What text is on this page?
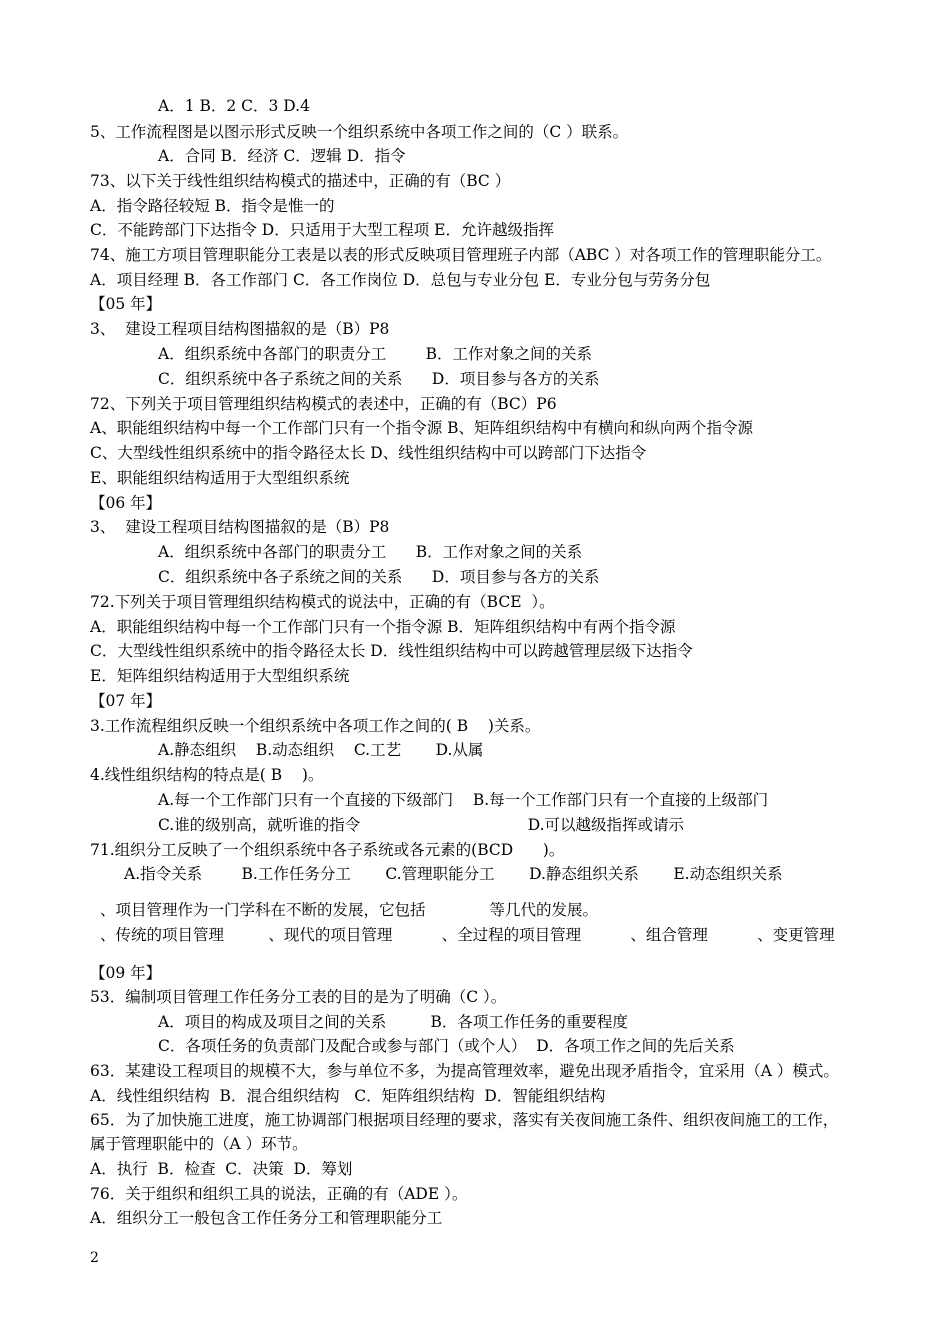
A．1 B．2 C．3 D.4
5、工作流程图是以图示形式反映一个组织系统中各项工作之间的（C ）联系。
A．合同 B．经济 C．逻辑 D．指令
73、以下关于线性组织结构模式的描述中，正确的有（BC ）
A．指令路径较短 B．指令是惟一的
C．不能跨部门下达指令 D．只适用于大型工程项 E．允许越级指挥
74、施工方项目管理职能分工表是以表的形式反映项目管理班子内部（ABC ）对各项工作的管理职能分工。
A．项目经理 B．各工作部门 C．各工作岗位 D．总包与专业分包 E．专业分包与劳务分包
【05 年】
3、  建设工程项目结构图描叙的是（B）P8
A．组织系统中各部门的职责分工        B．工作对象之间的关系
C．组织系统中各子系统之间的关系      D．项目参与各方的关系
72、下列关于项目管理组织结构模式的表述中，正确的有（BC）P6
A、职能组织结构中每一个工作部门只有一个指令源 B、矩阵组织结构中有横向和纵向两个指令源
C、大型线性组织系统中的指令路径太长 D、线性组织结构中可以跨部门下达指令
E、职能组织结构适用于大型组织系统
【06 年】
3、  建设工程项目结构图描叙的是（B）P8
A．组织系统中各部门的职责分工      B．工作对象之间的关系
C．组织系统中各子系统之间的关系      D．项目参与各方的关系
72.下列关于项目管理组织结构模式的说法中，正确的有（BCE  ）。
A．职能组织结构中每一个工作部门只有一个指令源 B．矩阵组织结构中有两个指令源
C．大型线性组织系统中的指令路径太长 D．线性组织结构中可以跨越管理层级下达指令
E．矩阵组织结构适用于大型组织系统
【07 年】
3.工作流程组织反映一个组织系统中各项工作之间的( B    )关系。
A.静态组织    B.动态组织    C.工艺       D.从属
4.线性组织结构的特点是( B    )。
A.每一个工作部门只有一个直接的下级部门    B.每一个工作部门只有一个直接的上级部门
C.谁的级别高，就听谁的指令                                  D.可以越级指挥或请示
71.组织分工反映了一个组织系统中各子系统或各元素的(BCD      )。
A.指令关系        B.工作任务分工       C.管理职能分工       D.静态组织关系       E.动态组织关系
、项目管理作为一门学科在不断的发展，它包括             等几代的发展。
、传统的项目管理         、现代的项目管理          、全过程的项目管理          、组合管理          、变更管理
【09 年】
53．编制项目管理工作任务分工表的目的是为了明确（C ）。
A．项目的构成及项目之间的关系         B．各项工作任务的重要程度
C．各项任务的负责部门及配合或参与部门（或个人）  D．各项工作之间的先后关系
63．某建设工程项目的规模不大，参与单位不多，为提高管理效率，避免出现矛盾指令，宜采用（A ）模式。
A．线性组织结构  B．混合组织结构   C．矩阵组织结构  D．智能组织结构
65．为了加快施工进度，施工协调部门根据项目经理的要求，落实有关夜间施工条件、组织夜间施工的工作，
属于管理职能中的（A ）环节。
A．执行  B．检查  C．决策  D．筹划
76．关于组织和组织工具的说法，正确的有（ADE ）。
A．组织分工一般包含工作任务分工和管理职能分工
2
